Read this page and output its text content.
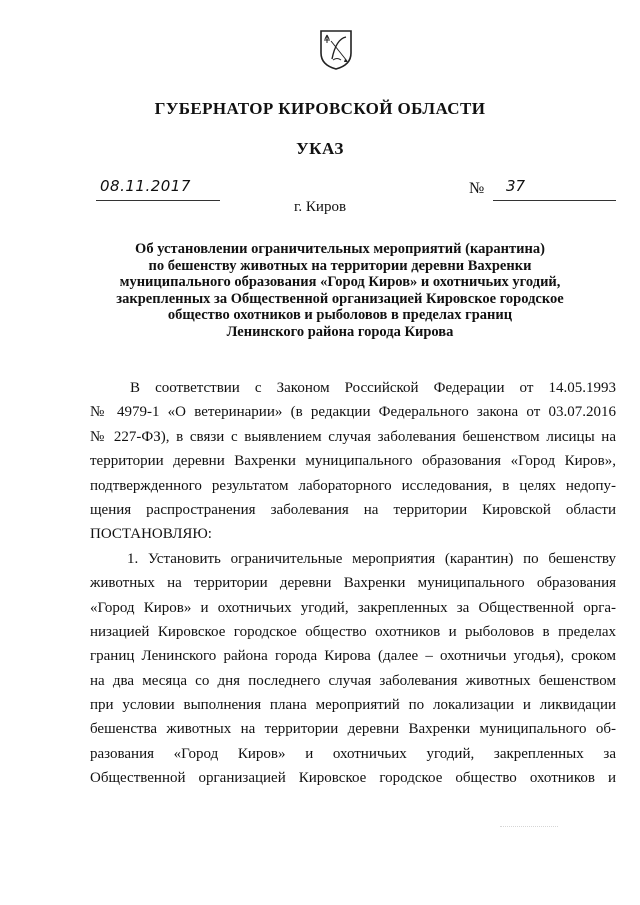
ГУБЕРНАТОР КИРОВСКОЙ ОБЛАСТИ
УКАЗ
08.11.2017	№ 37
г. Киров
Об установлении ограничительных мероприятий (карантина)
по бешенству животных на территории деревни Вахренки
муниципального образования «Город Киров» и охотничьих угодий,
закрепленных за Общественной организацией Кировское городское
общество охотников и рыболовов в пределах границ
Ленинского района города Кирова
В соответствии с Законом Российской Федерации от 14.05.1993
№ 4979-1 «О ветеринарии» (в редакции Федерального закона от 03.07.2016
№ 227-ФЗ), в связи с выявлением случая заболевания бешенством лисицы на
территории деревни Вахренки муниципального образования «Город Киров»,
подтвержденного результатом лабораторного исследования, в целях недопу-
щения распространения заболевания на территории Кировской области
ПОСТАНОВЛЯЮ:
1. Установить ограничительные мероприятия (карантин) по бешенству
животных на территории деревни Вахренки муниципального образования
«Город Киров» и охотничьих угодий, закрепленных за Общественной орга-
низацией Кировское городское общество охотников и рыболовов в пределах
границ Ленинского района города Кирова (далее – охотничьи угодья), сроком
на два месяца со дня последнего случая заболевания животных бешенством
при условии выполнения плана мероприятий по локализации и ликвидации
бешенства животных на территории деревни Вахренки муниципального об-
разования «Город Киров» и охотничьих угодий, закрепленных за
Общественной организацией Кировское городское общество охотников и
